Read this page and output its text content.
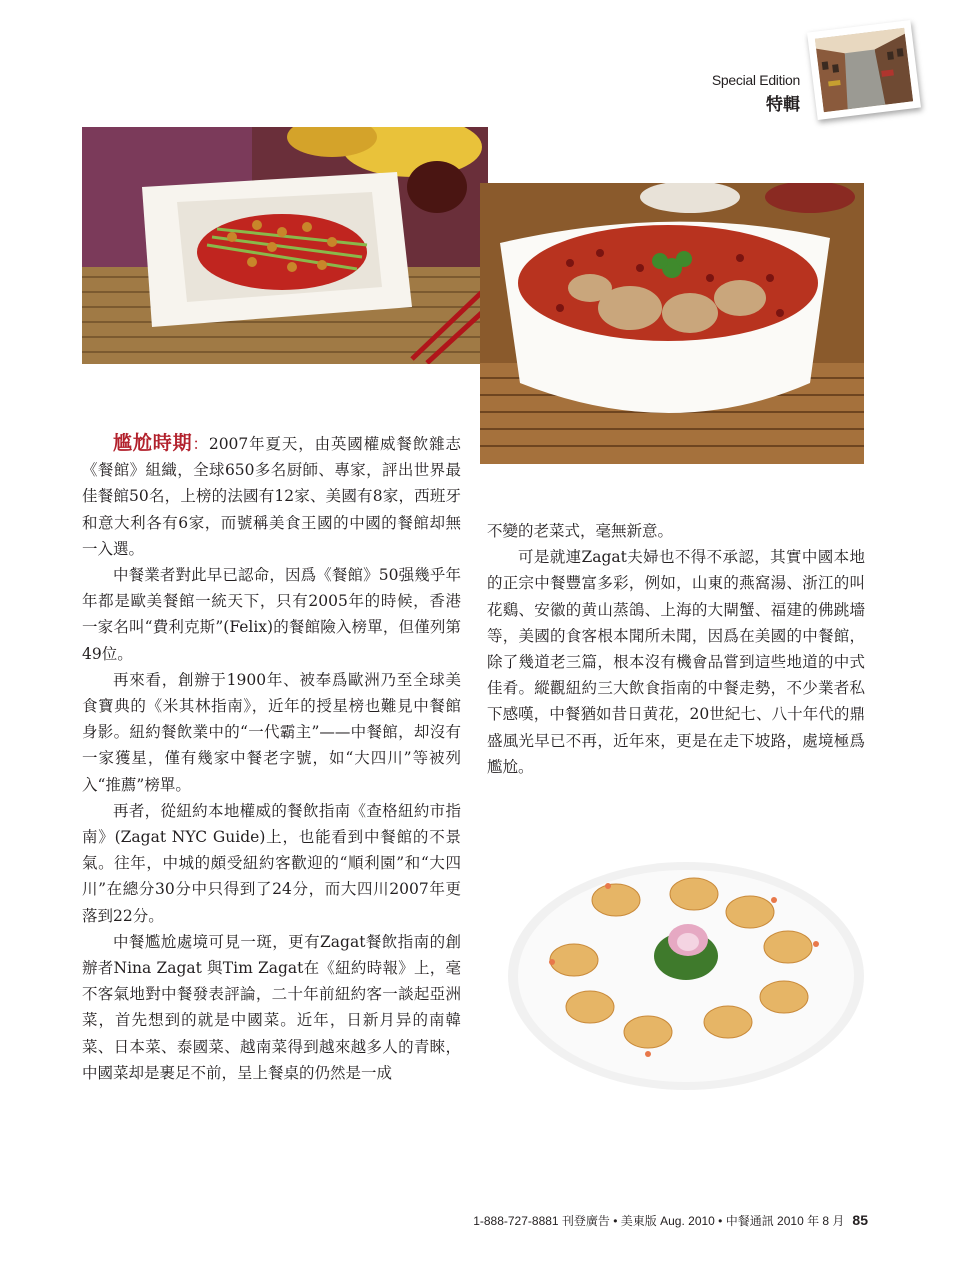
Special Edition
特輯

尴尬時期：2007年夏天，由英國權威餐飲雜志《餐館》組織，全球650多名厨師、專家，評出世界最佳餐館50名，上榜的法國有12家、美國有8家，西班牙和意大利各有6家，而號稱美食王國的中國的餐館却無一入選。

中餐業者對此早已認命，因爲《餐館》50强幾乎年年都是歐美餐館一統天下，只有2005年的時候，香港一家名叫“費利克斯”(Felix)的餐館險入榜單，但僅列第49位。

再來看，創辦于1900年、被奉爲歐洲乃至全球美食寶典的《米其林指南》，近年的授星榜也難見中餐館身影。紐約餐飲業中的“一代霸主”——中餐館，却沒有一家獲星，僅有幾家中餐老字號，如“大四川”等被列入“推薦”榜單。

再者，從紐約本地權威的餐飲指南《查格紐約市指南》(Zagat NYC Guide)上，也能看到中餐館的不景氣。往年，中城的頗受紐約客歡迎的“順利園”和“大四川”在總分30分中只得到了24分，而大四川2007年更落到22分。

中餐尷尬處境可見一斑，更有Zagat餐飲指南的創辦者Nina Zagat 與Tim Zagat在《紐約時報》上，毫不客氣地對中餐發表評論，二十年前紐約客一談起亞洲菜，首先想到的就是中國菜。近年，日新月异的南韓菜、日本菜、泰國菜、越南菜得到越來越多人的青睞，中國菜却是裹足不前，呈上餐桌的仍然是一成

不變的老菜式，毫無新意。

可是就連Zagat夫婦也不得不承認，其實中國本地的正宗中餐豐富多彩，例如，山東的燕窩湯、浙江的叫花鷄、安徽的黄山蒸鴿、上海的大閘蟹、福建的佛跳墻等，美國的食客根本聞所未聞，因爲在美國的中餐館，除了幾道老三篇，根本沒有機會品嘗到這些地道的中式佳肴。縱觀紐約三大飲食指南的中餐走勢，不少業者私下感嘆，中餐猶如昔日黄花，20世紀七、八十年代的鼎盛風光早已不再，近年來，更是在走下坡路，處境極爲尷尬。

1-888-727-8881 刊登廣告 • 美東版 Aug. 2010 • 中餐通訊 2010 年 8 月 85
